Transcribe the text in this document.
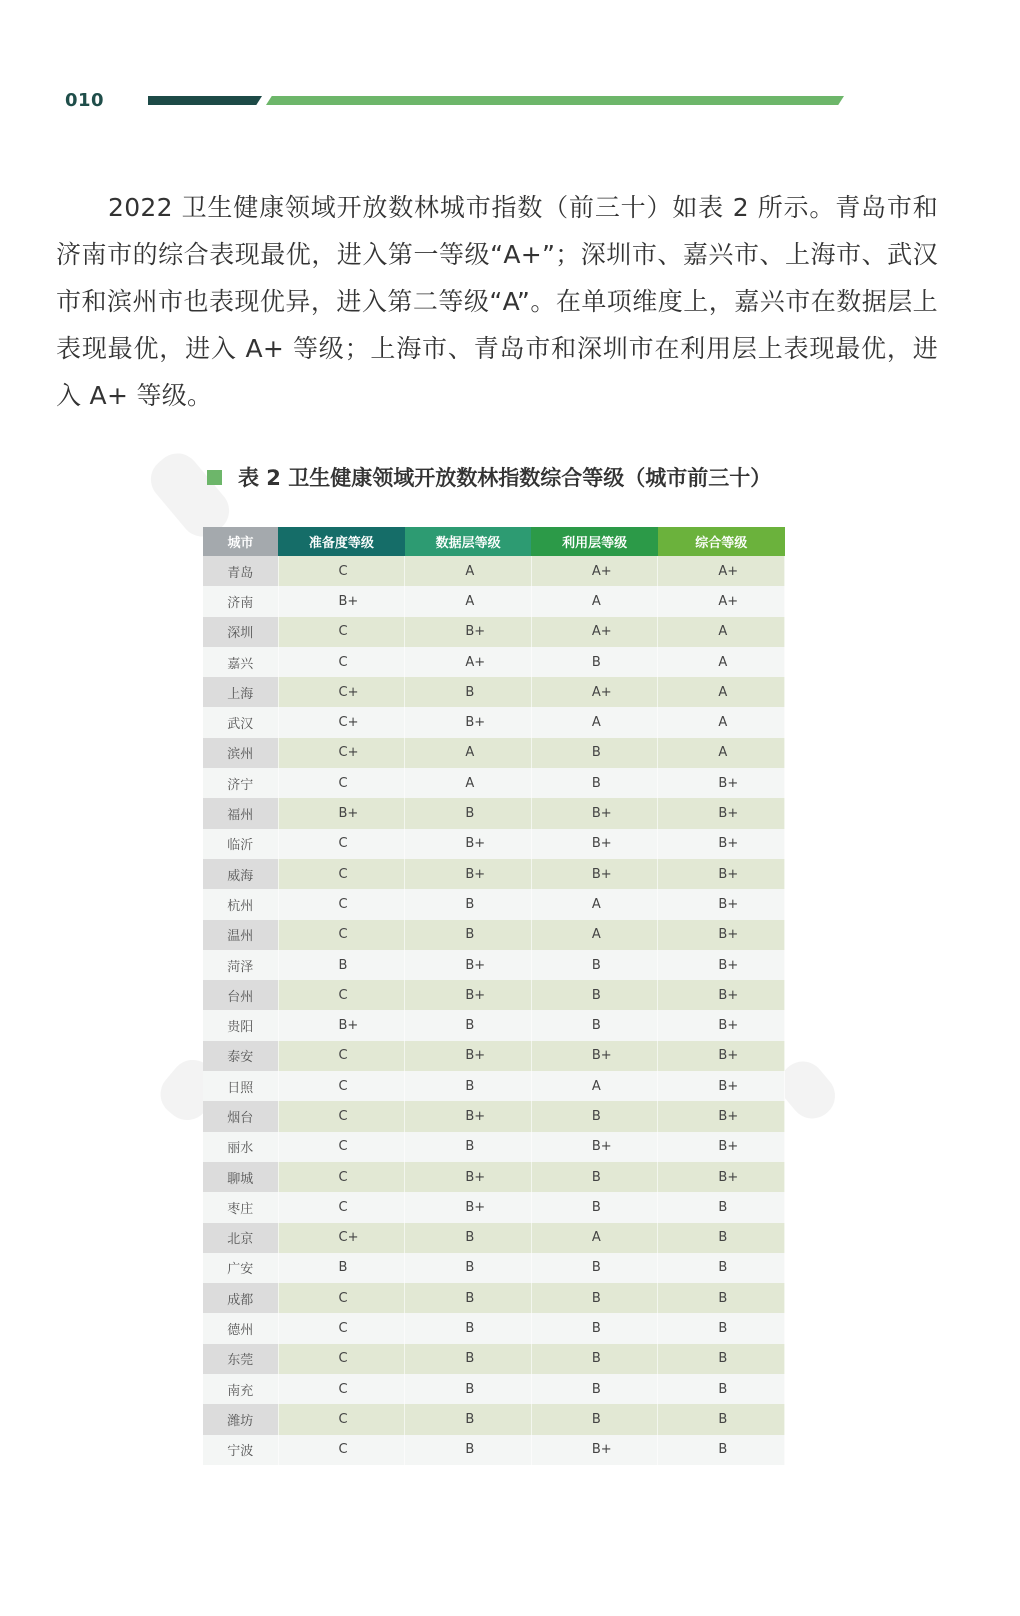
010
2022 卫生健康领域开放数林城市指数（前三十）如表 2 所示。青岛市和济南市的综合表现最优，进入第一等级“A+”；深圳市、嘉兴市、上海市、武汉市和滨州市也表现优异，进入第二等级“A”。在单项维度上，嘉兴市在数据层上表现最优，进入 A+ 等级；上海市、青岛市和深圳市在利用层上表现最优，进入 A+ 等级。
表 2 卫生健康领域开放数林指数综合等级（城市前三十）
城市	准备度等级	数据层等级	利用层等级	综合等级
青岛	C	A	A+	A+
济南	B+	A	A	A+
深圳	C	B+	A+	A
嘉兴	C	A+	B	A
上海	C+	B	A+	A
武汉	C+	B+	A	A
滨州	C+	A	B	A
济宁	C	A	B	B+
福州	B+	B	B+	B+
临沂	C	B+	B+	B+
威海	C	B+	B+	B+
杭州	C	B	A	B+
温州	C	B	A	B+
菏泽	B	B+	B	B+
台州	C	B+	B	B+
贵阳	B+	B	B	B+
泰安	C	B+	B+	B+
日照	C	B	A	B+
烟台	C	B+	B	B+
丽水	C	B	B+	B+
聊城	C	B+	B	B+
枣庄	C	B+	B	B
北京	C+	B	A	B
广安	B	B	B	B
成都	C	B	B	B
德州	C	B	B	B
东莞	C	B	B	B
南充	C	B	B	B
潍坊	C	B	B	B
宁波	C	B	B+	B
